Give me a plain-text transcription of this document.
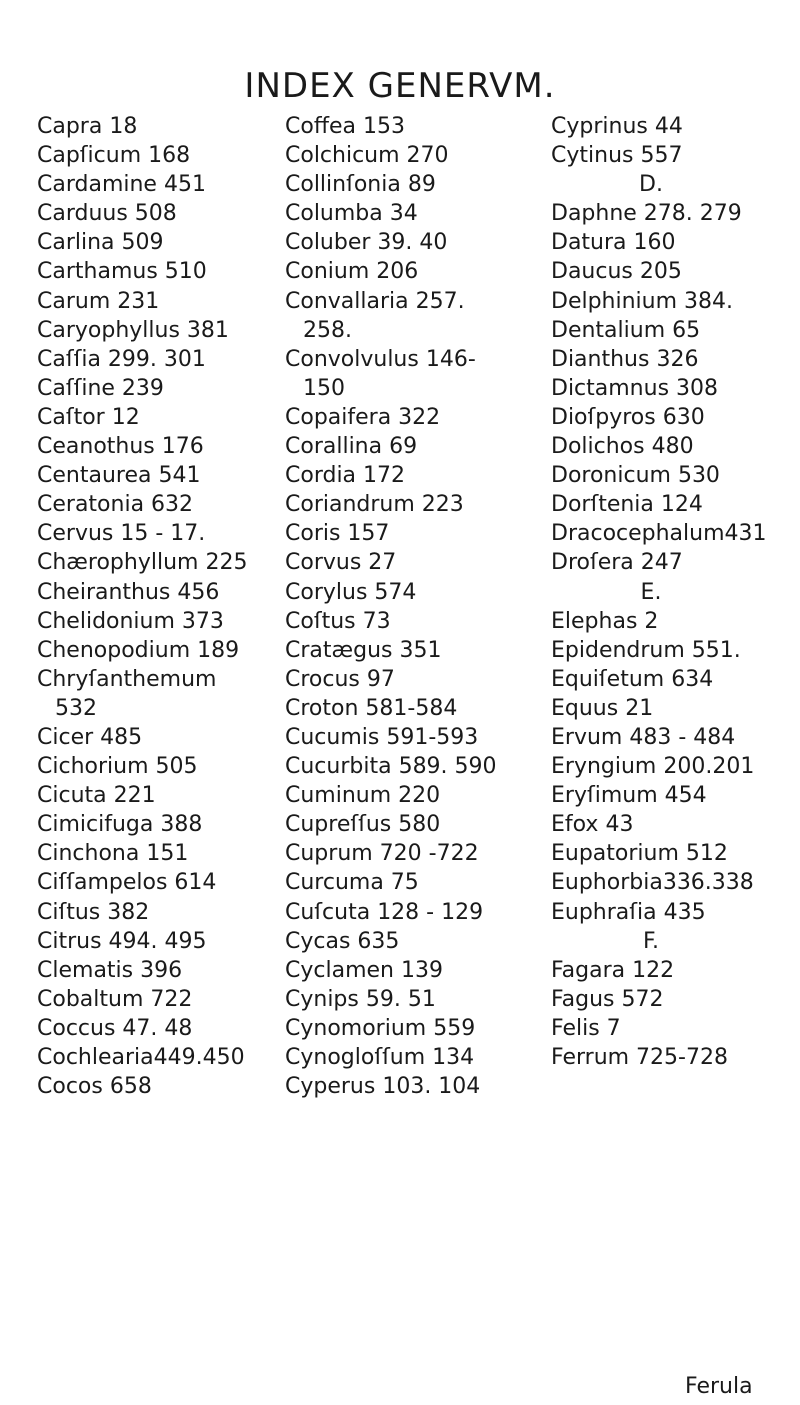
INDEX GENERVM.
Capra 18
Capſicum 168
Cardamine 451
Carduus 508
Carlina 509
Carthamus 510
Carum 231
Caryophyllus 381
Caſſia 299. 301
Caſſine 239
Caſtor 12
Ceanothus 176
Centaurea 541
Ceratonia 632
Cervus 15 - 17.
Chærophyllum 225
Cheiranthus 456
Chelidonium 373
Chenopodium 189
Chryſanthemum
532
Cicer 485
Cichorium 505
Cicuta 221
Cimicifuga 388
Cinchona 151
Ciſſampelos 614
Ciſtus 382
Citrus 494. 495
Clematis 396
Cobaltum 722
Coccus 47. 48
Cochlearia449.450
Cocos 658
Coffea 153
Colchicum 270
Collinſonia 89
Columba 34
Coluber 39. 40
Conium 206
Convallaria 257.
258.
Convolvulus 146-
150
Copaifera 322
Corallina 69
Cordia 172
Coriandrum 223
Coris 157
Corvus 27
Corylus 574
Coſtus 73
Cratægus 351
Crocus 97
Croton 581-584
Cucumis 591-593
Cucurbita 589. 590
Cuminum 220
Cupreſſus 580
Cuprum 720 -722
Curcuma 75
Cuſcuta 128 - 129
Cycas 635
Cyclamen 139
Cynips 59. 51
Cynomorium 559
Cynogloſſum 134
Cyperus 103. 104
Cyprinus 44
Cytinus 557
D.
Daphne 278. 279
Datura 160
Daucus 205
Delphinium 384.
Dentalium 65
Dianthus 326
Dictamnus 308
Dioſpyros 630
Dolichos 480
Doronicum 530
Dorſtenia 124
Dracocephalum431
Droſera 247
E.
Elephas 2
Epidendrum 551.
Equiſetum 634
Equus 21
Ervum 483 - 484
Eryngium 200.201
Eryſimum 454
Efox 43
Eupatorium 512
Euphorbia336.338
Euphraſia 435
F.
Fagara 122
Fagus 572
Felis 7
Ferrum 725-728
Ferula
